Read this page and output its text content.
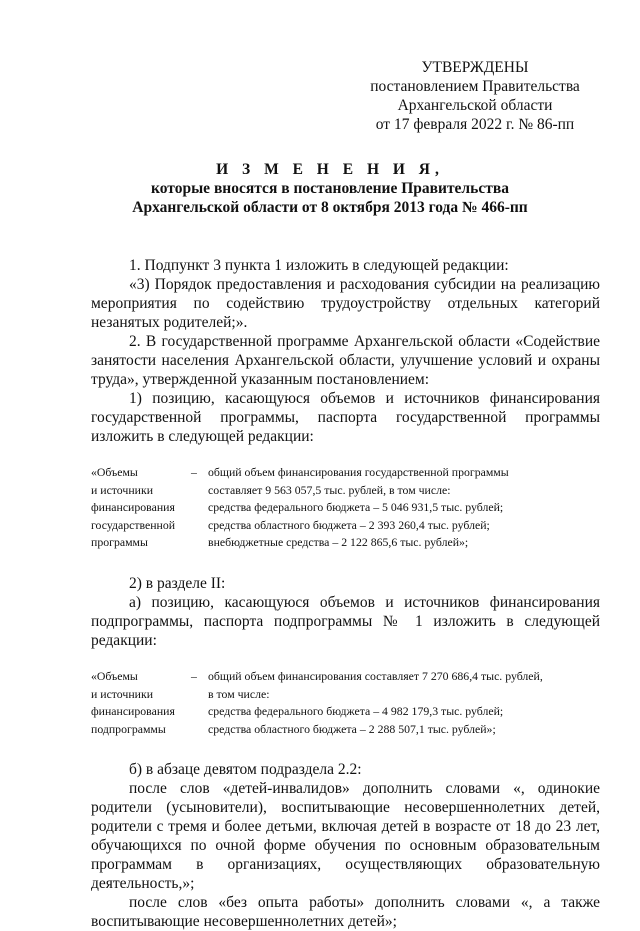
УТВЕРЖДЕНЫ
постановлением Правительства
Архангельской области
от 17 февраля 2022 г. № 86-пп
И З М Е Н Е Н И Я,
которые вносятся в постановление Правительства
Архангельской области от 8 октября 2013 года № 466-пп

1. Подпункт 3 пункта 1 изложить в следующей редакции:

«3) Порядок предоставления и расходования субсидии на реализацию мероприятия по содействию трудоустройству отдельных категорий незанятых родителей;».

2. В государственной программе Архангельской области «Содействие занятости населения Архангельской области, улучшение условий и охраны труда», утвержденной указанным постановлением:

1) позицию, касающуюся объемов и источников финансирования государственной программы, паспорта государственной программы изложить в следующей редакции:

«Объемы
и источники
финансирования
государственной
программы
– общий объем финансирования государственной программы
составляет 9 563 057,5 тыс. рублей, в том числе:
средства федерального бюджета – 5 046 931,5 тыс. рублей;
средства областного бюджета – 2 393 260,4 тыс. рублей;
внебюджетные средства – 2 122 865,6 тыс. рублей»;

2) в разделе II:

а) позицию, касающуюся объемов и источников финансирования подпрограммы, паспорта подпрограммы № 1 изложить в следующей редакции:

«Объемы
и источники
финансирования
подпрограммы
– общий объем финансирования составляет 7 270 686,4 тыс. рублей,
в том числе:
средства федерального бюджета – 4 982 179,3 тыс. рублей;
средства областного бюджета – 2 288 507,1 тыс. рублей»;

б) в абзаце девятом подраздела 2.2:

после слов «детей-инвалидов» дополнить словами «, одинокие родители (усыновители), воспитывающие несовершеннолетних детей, родители с тремя и более детьми, включая детей в возрасте от 18 до 23 лет, обучающихся по очной форме обучения по основным образовательным программам в организациях, осуществляющих образовательную деятельность,»;

после слов «без опыта работы» дополнить словами «, а также воспитывающие несовершеннолетних детей»;
